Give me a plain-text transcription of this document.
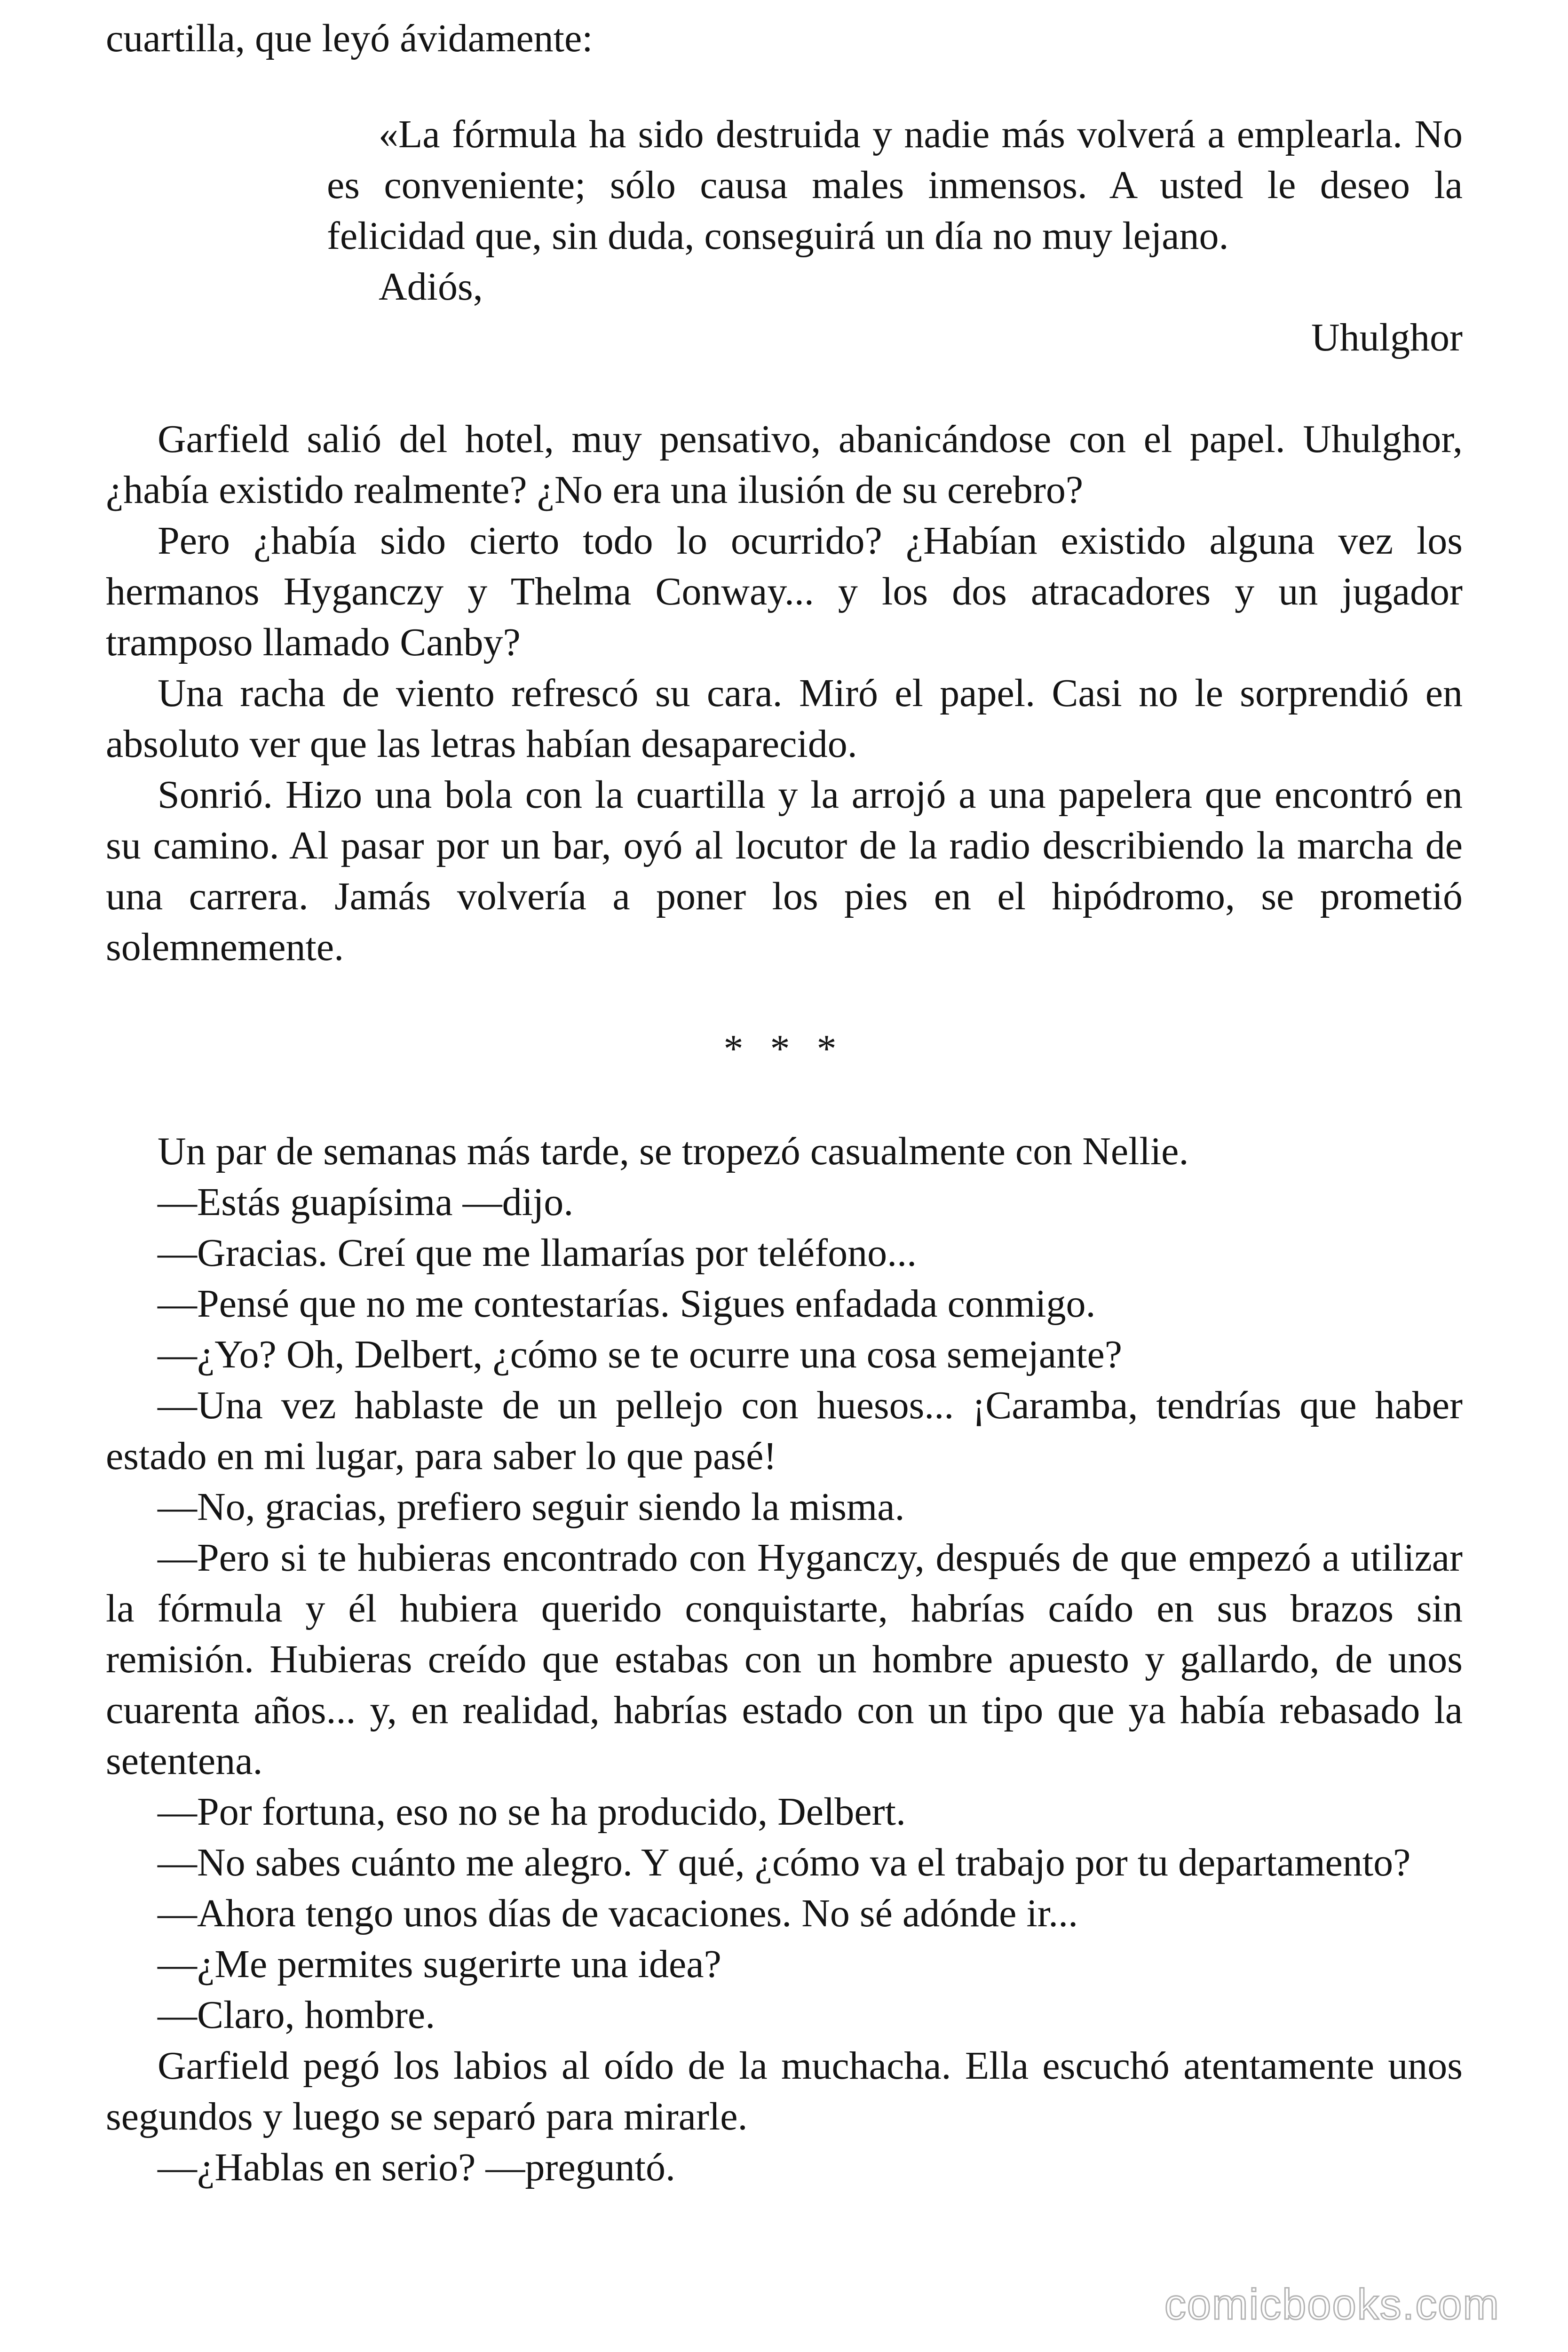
cuartilla, que leyó ávidamente:

«La fórmula ha sido destruida y nadie más volverá a emplearla. No es conveniente; sólo causa males inmensos. A usted le deseo la felicidad que, sin duda, conseguirá un día no muy lejano.

Adiós,

Uhulghor

Garfield salió del hotel, muy pensativo, abanicándose con el papel. Uhulghor, ¿había existido realmente? ¿No era una ilusión de su cerebro?

Pero ¿había sido cierto todo lo ocurrido? ¿Habían existido alguna vez los hermanos Hyganczy y Thelma Conway... y los dos atracadores y un jugador tramposo llamado Canby?

Una racha de viento refrescó su cara. Miró el papel. Casi no le sorprendió en absoluto ver que las letras habían desaparecido.

Sonrió. Hizo una bola con la cuartilla y la arrojó a una papelera que encontró en su camino. Al pasar por un bar, oyó al locutor de la radio describiendo la marcha de una carrera. Jamás volvería a poner los pies en el hipódromo, se prometió solemnemente.

* * *

Un par de semanas más tarde, se tropezó casualmente con Nellie.

—Estás guapísima —dijo.

—Gracias. Creí que me llamarías por teléfono...

—Pensé que no me contestarías. Sigues enfadada conmigo.

—¿Yo? Oh, Delbert, ¿cómo se te ocurre una cosa semejante?

—Una vez hablaste de un pellejo con huesos... ¡Caramba, tendrías que haber estado en mi lugar, para saber lo que pasé!

—No, gracias, prefiero seguir siendo la misma.

—Pero si te hubieras encontrado con Hyganczy, después de que empezó a utilizar la fórmula y él hubiera querido conquistarte, habrías caído en sus brazos sin remisión. Hubieras creído que estabas con un hombre apuesto y gallardo, de unos cuarenta años... y, en realidad, habrías estado con un tipo que ya había rebasado la setentena.

—Por fortuna, eso no se ha producido, Delbert.

—No sabes cuánto me alegro. Y qué, ¿cómo va el trabajo por tu departamento?

—Ahora tengo unos días de vacaciones. No sé adónde ir...

—¿Me permites sugerirte una idea?

—Claro, hombre.

Garfield pegó los labios al oído de la muchacha. Ella escuchó atentamente unos segundos y luego se separó para mirarle.

—¿Hablas en serio? —preguntó.

comicbooks.com
